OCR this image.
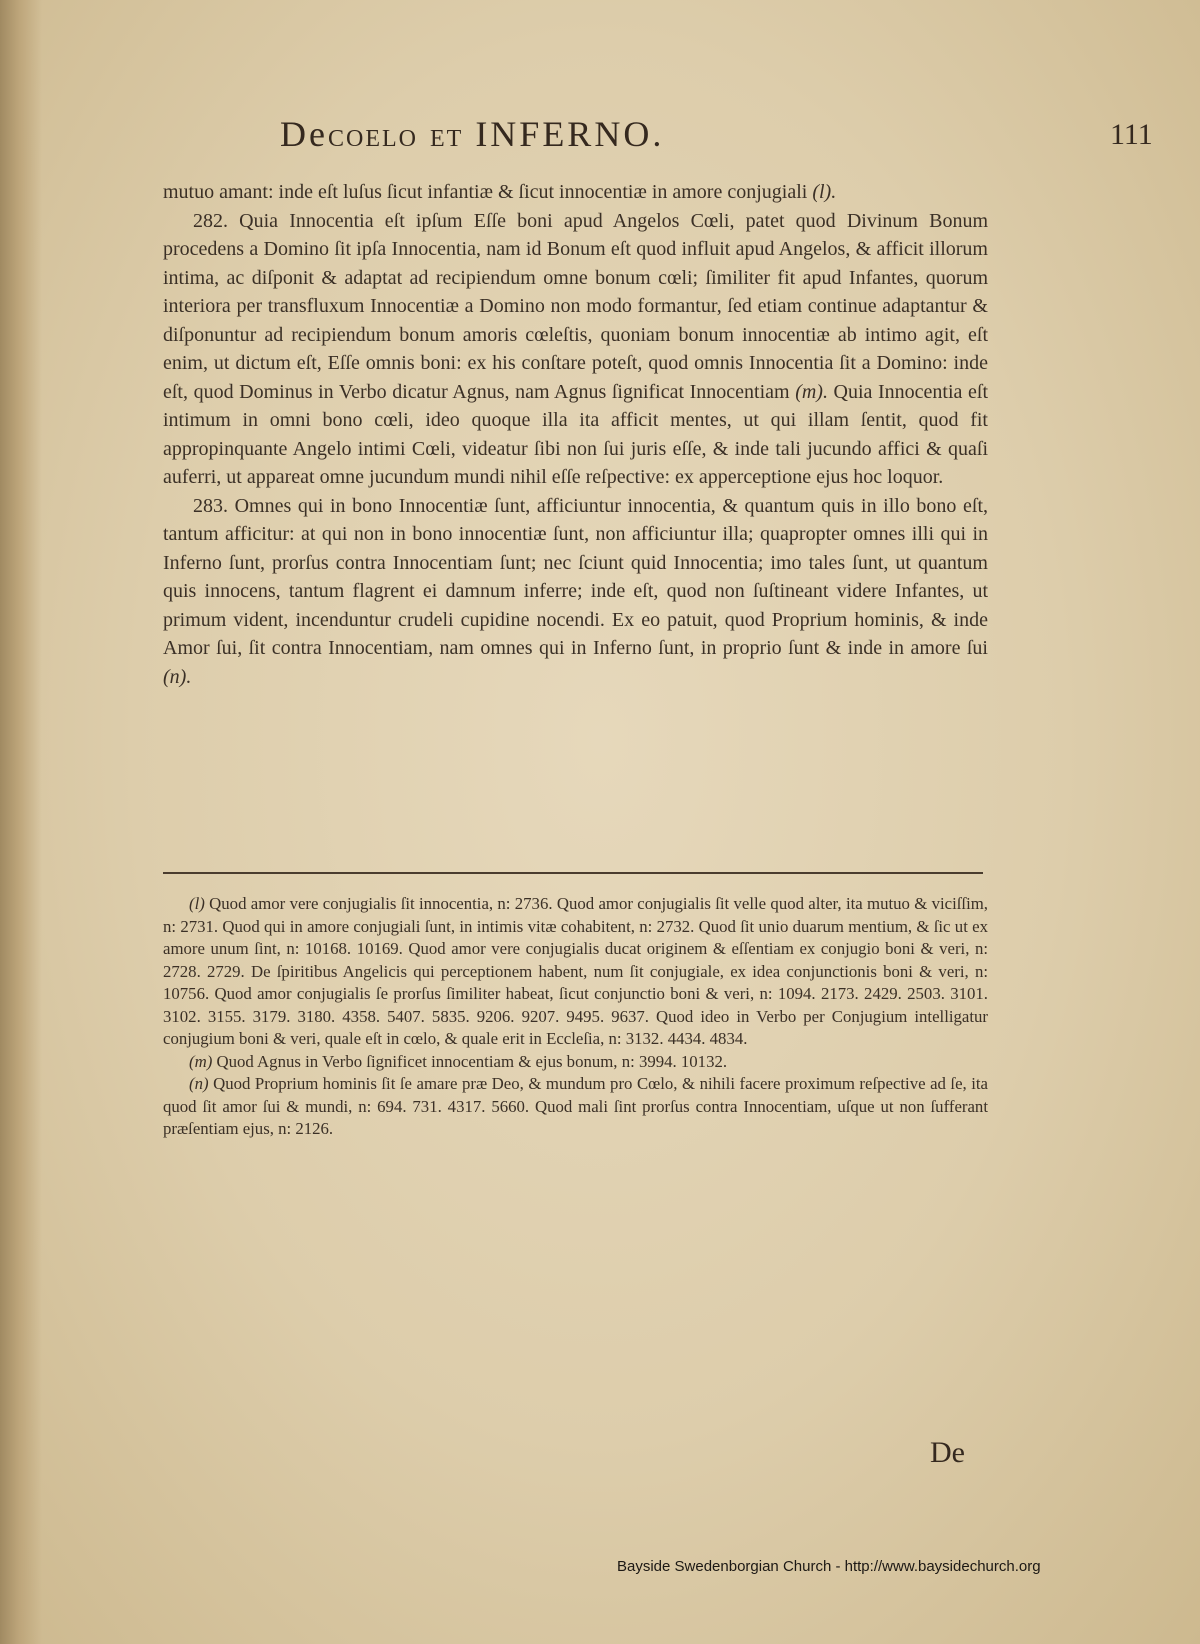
DeCOELO ET INFERNO.	111

mutuo amant: inde eſt luſus ſicut infantiæ & ſicut innocentiæ in amore conjugiali (l).

282. Quia Innocentia eſt ipſum Eſſe boni apud Angelos Cœli, patet quod Divinum Bonum procedens a Domino ſit ipſa Innocentia, nam id Bonum eſt quod influit apud Angelos, & afficit illorum intima, ac diſponit & adaptat ad recipiendum omne bonum cœli; ſimiliter fit apud Infantes, quorum interiora per transfluxum Innocentiæ a Domino non modo formantur, ſed etiam continue adaptantur & diſponuntur ad recipiendum bonum amoris cœleſtis, quoniam bonum innocentiæ ab intimo agit, eſt enim, ut dictum eſt, Eſſe omnis boni: ex his conſtare poteſt, quod omnis Innocentia ſit a Domino: inde eſt, quod Dominus in Verbo dicatur Agnus, nam Agnus ſignificat Innocentiam (m). Quia Innocentia eſt intimum in omni bono cœli, ideo quoque illa ita afficit mentes, ut qui illam ſentit, quod fit appropinquante Angelo intimi Cœli, videatur ſibi non ſui juris eſſe, & inde tali jucundo affici & quaſi auferri, ut appareat omne jucundum mundi nihil eſſe reſpective: ex apperceptione ejus hoc loquor.

283. Omnes qui in bono Innocentiæ ſunt, afficiuntur innocentia, & quantum quis in illo bono eſt, tantum afficitur: at qui non in bono innocentiæ ſunt, non afficiuntur illa; quapropter omnes illi qui in Inferno ſunt, prorſus contra Innocentiam ſunt; nec ſciunt quid Innocentia; imo tales ſunt, ut quantum quis innocens, tantum flagrent ei damnum inferre; inde eſt, quod non ſuſtineant videre Infantes, ut primum vident, incenduntur crudeli cupidine nocendi. Ex eo patuit, quod Proprium hominis, & inde Amor ſui, ſit contra Innocentiam, nam omnes qui in Inferno ſunt, in proprio ſunt & inde in amore ſui (n).

(l) Quod amor vere conjugialis ſit innocentia, n: 2736. Quod amor conjugialis ſit velle quod alter, ita mutuo & viciſſim, n: 2731. Quod qui in amore conjugiali ſunt, in intimis vitæ cohabitent, n: 2732. Quod ſit unio duarum mentium, & ſic ut ex amore unum ſint, n: 10168. 10169. Quod amor vere conjugialis ducat originem & eſſentiam ex conjugio boni & veri, n: 2728. 2729. De ſpiritibus Angelicis qui perceptionem habent, num ſit conjugiale, ex idea conjunctionis boni & veri, n: 10756. Quod amor conjugialis ſe prorſus ſimiliter habeat, ſicut conjunctio boni & veri, n: 1094. 2173. 2429. 2503. 3101. 3102. 3155. 3179. 3180. 4358. 5407. 5835. 9206. 9207. 9495. 9637. Quod ideo in Verbo per Conjugium intelligatur conjugium boni & veri, quale eſt in cœlo, & quale erit in Eccleſia, n: 3132. 4434. 4834.

(m) Quod Agnus in Verbo ſignificet innocentiam & ejus bonum, n: 3994. 10132.

(n) Quod Proprium hominis ſit ſe amare præ Deo, & mundum pro Cœlo, & nihili facere proximum reſpective ad ſe, ita quod ſit amor ſui & mundi, n: 694. 731. 4317. 5660. Quod mali ſint prorſus contra Innocentiam, uſque ut non ſufferant præſentiam ejus, n: 2126.

De
Bayside Swedenborgian Church - http://www.baysidechurch.org
